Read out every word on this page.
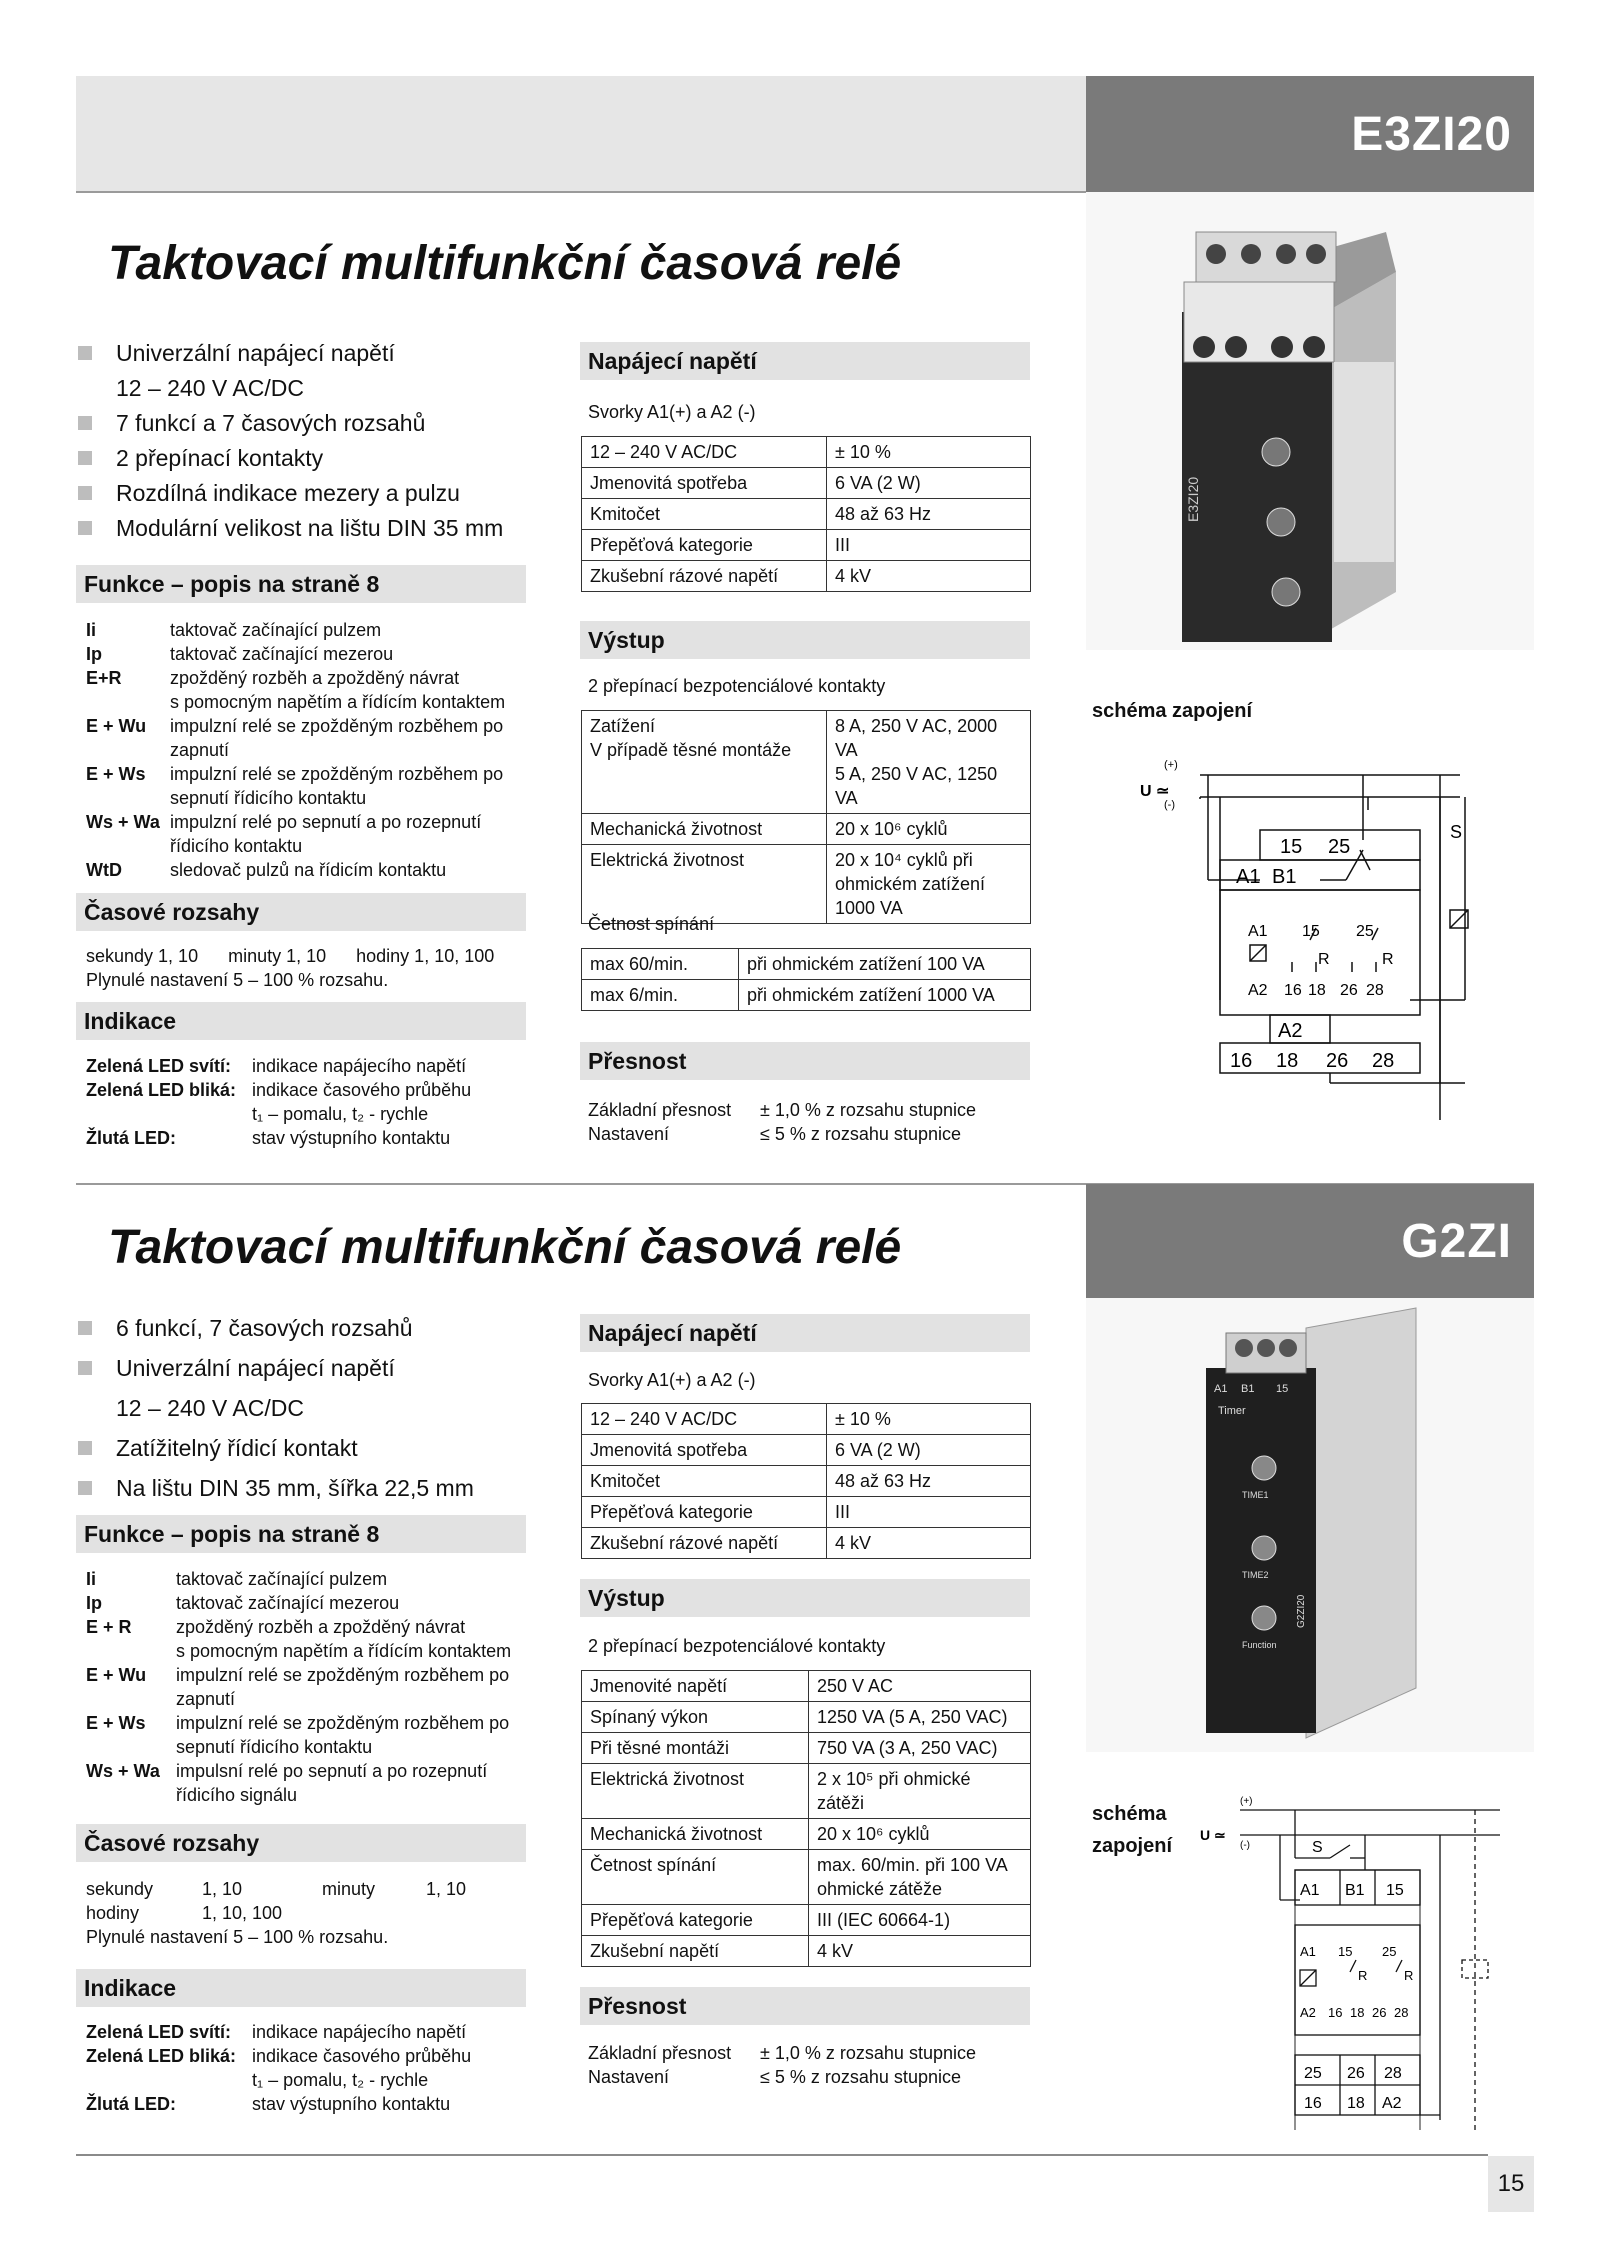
E3ZI20
Taktovací multifunkční časová relé
E3ZI20
Univerzální napájecí napětí
12 – 240 V AC/DC
7 funkcí a 7 časových rozsahů
2 přepínací kontakty
Rozdílná indikace mezery a pulzu
Modulární velikost na lištu DIN 35 mm
Funkce – popis na straně 8
Ii	taktovač začínající pulzem
Ip	taktovač začínající mezerou
E+R	zpožděný rozběh a zpožděný návrat
s pomocným napětím a řídícím kontaktem
E + Wu	impulzní relé se zpožděným rozběhem po
zapnutí
E + Ws	impulzní relé se zpožděným rozběhem po
sepnutí řídicího kontaktu
Ws + Wa impulzní relé po sepnutí a po rozepnutí
řídicího kontaktu
WtD	sledovač pulzů na řídicím kontaktu
Časové rozsahy
sekundy 1, 10      minuty 1, 10      hodiny 1, 10, 100
Plynulé nastavení 5 – 100 % rozsahu.
Indikace
Zelená LED svítí:	indikace napájecího napětí
Zelená LED bliká: indikace časového průběhu
t₁ – pomalu, t₂ - rychle
Žlutá LED:	stav výstupního kontaktu
Napájecí napětí
Svorky A1(+) a A2 (-)
12 – 240 V AC/DC	± 10 %
Jmenovitá spotřeba	6 VA (2 W)
Kmitočet	48 až 63 Hz
Přepěťová kategorie	III
Zkušební rázové napětí	4 kV
Výstup
2 přepínací bezpotenciálové kontakty
Zatížení
V případě těsné montáže	8 A, 250 V AC, 2000 VA
5 A, 250 V AC, 1250 VA
Mechanická životnost	20 x 10⁶ cyklů
Elektrická životnost	20 x 10⁴ cyklů při
ohmickém zatížení
1000 VA
Četnost spínání
max 60/min.	při ohmickém zatížení 100 VA
max 6/min.	při ohmickém zatížení 1000 VA
Přesnost
Základní přesnost	± 1,0 % z rozsahu stupnice
Nastavení	≤ 5 % z rozsahu stupnice
schéma zapojení
U ≃
(+)
(-)
S
15 25
A1 B1
A1 15 25
R	R
A2 16 18 26 28
A2
16 18 26 28
G2ZI
Taktovací multifunkční časová relé
A1 B1 15
Timer
TIME1
TIME2
Function
G2ZI20
6 funkcí, 7 časových rozsahů
Univerzální napájecí napětí
12 – 240 V AC/DC
Zatížitelný řídicí kontakt
Na lištu DIN 35 mm, šířka 22,5 mm
Funkce – popis na straně 8
Ii	taktovač začínající pulzem
Ip	taktovač začínající mezerou
E + R	zpožděný rozběh a zpožděný návrat
s pomocným napětím a řídícím kontaktem
E + Wu	impulzní relé se zpožděným rozběhem po
zapnutí
E + Ws	impulzní relé se zpožděným rozběhem po
sepnutí řídicího kontaktu
Ws + Wa impulsní relé po sepnutí a po rozepnutí
řídicího signálu
Časové rozsahy
sekundy	1, 10	minuty	1, 10
hodiny	1, 10, 100
Plynulé nastavení 5 – 100 % rozsahu.
Indikace
Zelená LED svítí:	indikace napájecího napětí
Zelená LED bliká: indikace časového průběhu
t₁ – pomalu, t₂ - rychle
Žlutá LED:	stav výstupního kontaktu
Napájecí napětí
Svorky A1(+) a A2 (-)
12 – 240 V AC/DC	± 10 %
Jmenovitá spotřeba	6 VA (2 W)
Kmitočet	48 až 63 Hz
Přepěťová kategorie	III
Zkušební rázové napětí	4 kV
Výstup
2 přepínací bezpotenciálové kontakty
Jmenovité napětí	250 V AC
Spínaný výkon	1250 VA (5 A, 250 VAC)
Při těsné montáži	750 VA (3 A, 250 VAC)
Elektrická životnost	2 x 10⁵ při ohmické zátěži
Mechanická životnost	20 x 10⁶ cyklů
Četnost spínání	max. 60/min. při 100 VA
ohmické zátěže
Přepěťová kategorie	III (IEC 60664-1)
Zkušební napětí	4 kV
Přesnost
Základní přesnost	± 1,0 % z rozsahu stupnice
Nastavení	≤ 5 % z rozsahu stupnice
schéma
zapojení U ≃
(+)
(-)	S
A1 B1 15
A1 15 25
R	R
A2 16 18 26 28
25 26 28
16 18 A2
15
